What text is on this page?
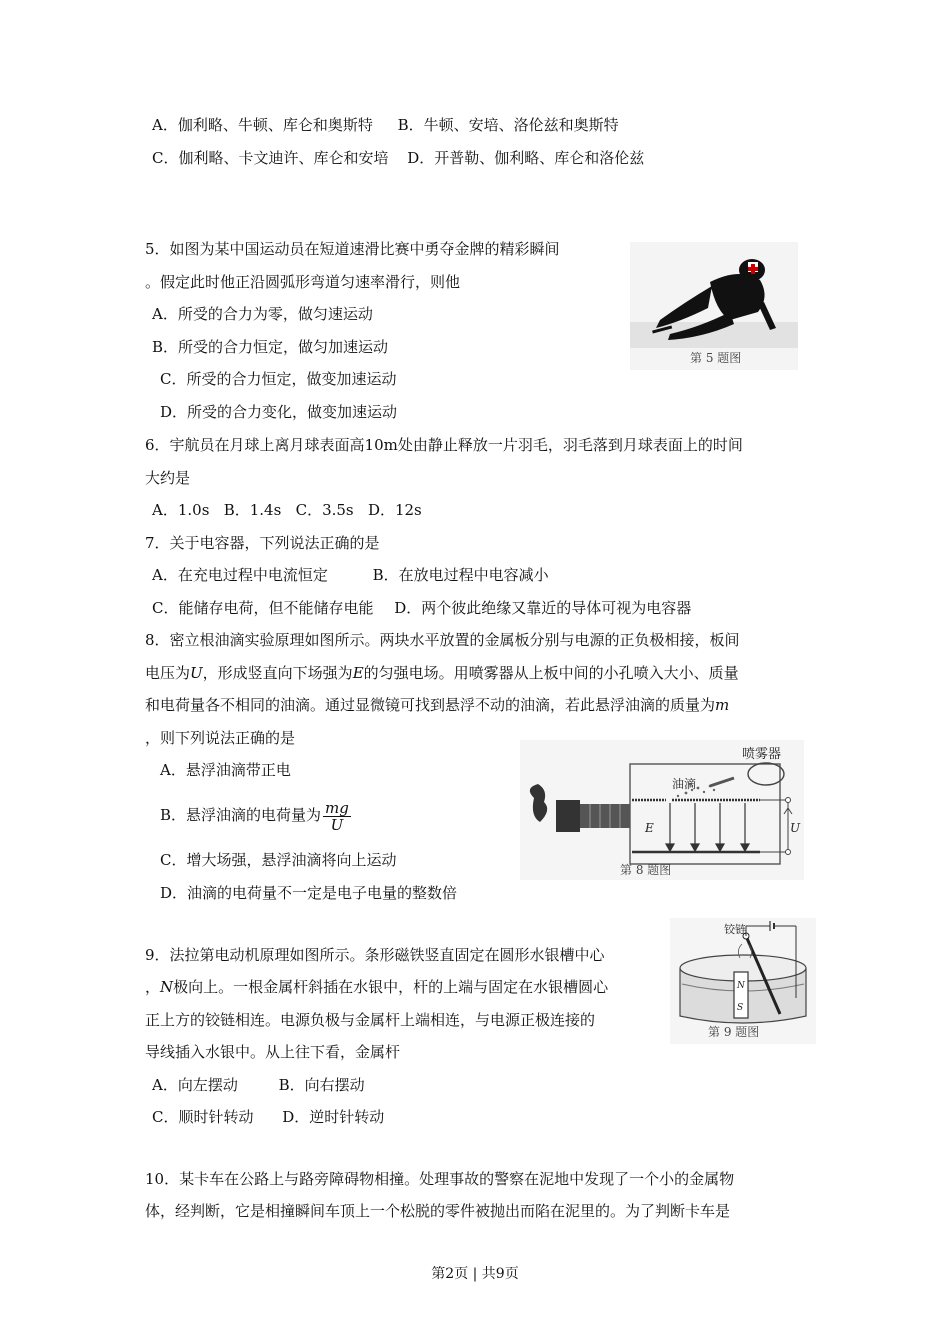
A．伽利略、牛顿、库仑和奥斯特 B．牛顿、安培、洛伦兹和奥斯特
C．伽利略、卡文迪许、库仑和安培 D．开普勒、伽利略、库仑和洛伦兹
5．如图为某中国运动员在短道速滑比赛中勇夺金牌的精彩瞬间
。假定此时他正沿圆弧形弯道匀速率滑行，则他
A．所受的合力为零，做匀速运动
B．所受的合力恒定，做匀加速运动
C．所受的合力恒定，做变加速运动
D．所受的合力变化，做变加速运动
第 5 题图
6．宇航员在月球上离月球表面高10m处由静止释放一片羽毛，羽毛落到月球表面上的时间
大约是
A．1.0s B．1.4s C．3.5s D．12s
7．关于电容器，下列说法正确的是
A．在充电过程中电流恒定	B．在放电过程中电容减小
C．能储存电荷，但不能储存电能 D．两个彼此绝缘又靠近的导体可视为电容器
8．密立根油滴实验原理如图所示。两块水平放置的金属板分别与电源的正负极相接，板间
电压为U，形成竖直向下场强为E的匀强电场。用喷雾器从上板中间的小孔喷入大小、质量
和电荷量各不相同的油滴。通过显微镜可找到悬浮不动的油滴，若此悬浮油滴的质量为m
，则下列说法正确的是
A．悬浮油滴带正电
B．悬浮油滴的电荷量为 $\frac{mg}{U}$
C．增大场强，悬浮油滴将向上运动
D．油滴的电荷量不一定是电子电量的整数倍
喷雾器
油滴
E	U
第 8 题图
9．法拉第电动机原理如图所示。条形磁铁竖直固定在圆形水银槽中心
，N极向上。一根金属杆斜插在水银中，杆的上端与固定在水银槽圆心
正上方的铰链相连。电源负极与金属杆上端相连，与电源正极连接的
导线插入水银中。从上往下看，金属杆
A．向左摆动	B．向右摆动
C．顺时针转动 D．逆时针转动
N
S
铰链
第 9 题图
10．某卡车在公路上与路旁障碍物相撞。处理事故的警察在泥地中发现了一个小的金属物
体，经判断，它是相撞瞬间车顶上一个松脱的零件被抛出而陷在泥里的。为了判断卡车是
第2页 | 共9页
